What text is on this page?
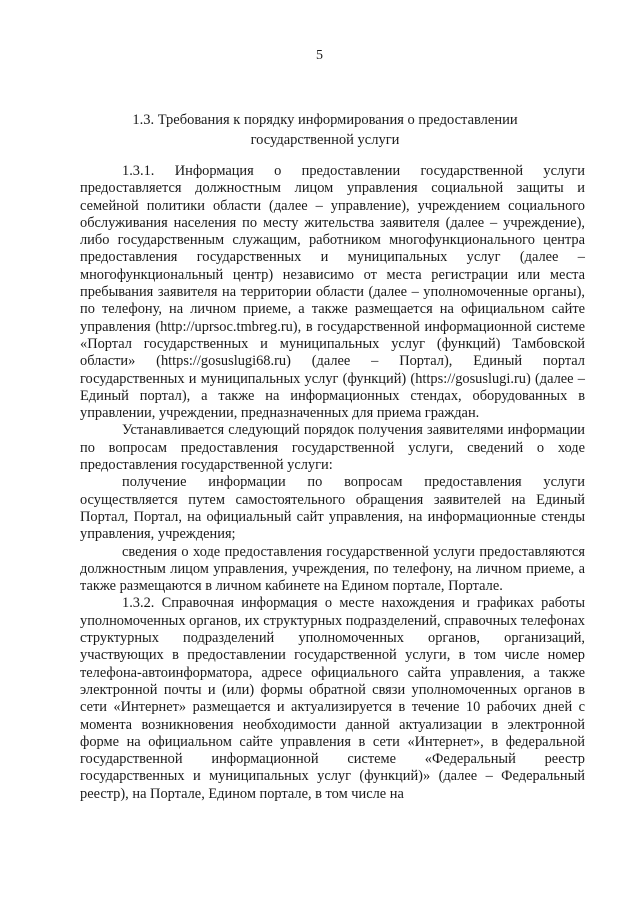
5
1.3. Требования к порядку информирования о предоставлении государственной услуги

1.3.1. Информация о предоставлении государственной услуги предоставляется должностным лицом управления социальной защиты и семейной политики области (далее – управление), учреждением социального обслуживания населения по месту жительства заявителя (далее – учреждение), либо государственным служащим, работником многофункционального центра предоставления государственных и муниципальных услуг (далее – многофункциональный центр) независимо от места регистрации или места пребывания заявителя на территории области (далее – уполномоченные органы), по телефону, на личном приеме, а также размещается на официальном сайте управления (http://uprsoc.tmbreg.ru), в государственной информационной системе «Портал государственных и муниципальных услуг (функций) Тамбовской области» (https://gosuslugi68.ru) (далее – Портал), Единый портал государственных и муниципальных услуг (функций) (https://gosuslugi.ru) (далее – Единый портал), а также на информационных стендах, оборудованных в управлении, учреждении, предназначенных для приема граждан.

Устанавливается следующий порядок получения заявителями информации по вопросам предоставления государственной услуги, сведений о ходе предоставления государственной услуги:

получение информации по вопросам предоставления услуги осуществляется путем самостоятельного обращения заявителей на Единый Портал, Портал, на официальный сайт управления, на информационные стенды управления, учреждения;

сведения о ходе предоставления государственной услуги предоставляются должностным лицом управления, учреждения, по телефону, на личном приеме, а также размещаются в личном кабинете на Едином портале, Портале.

1.3.2. Справочная информация о месте нахождения и графиках работы уполномоченных органов, их структурных подразделений, справочных телефонах структурных подразделений уполномоченных органов, организаций, участвующих в предоставлении государственной услуги, в том числе номер телефона-автоинформатора, адресе официального сайта управления, а также электронной почты и (или) формы обратной связи уполномоченных органов в сети «Интернет» размещается и актуализируется в течение 10 рабочих дней с момента возникновения необходимости данной актуализации в электронной форме на официальном сайте управления в сети «Интернет», в федеральной государственной информационной системе «Федеральный реестр государственных и муниципальных услуг (функций)» (далее – Федеральный реестр), на Портале, Едином портале, в том числе на
